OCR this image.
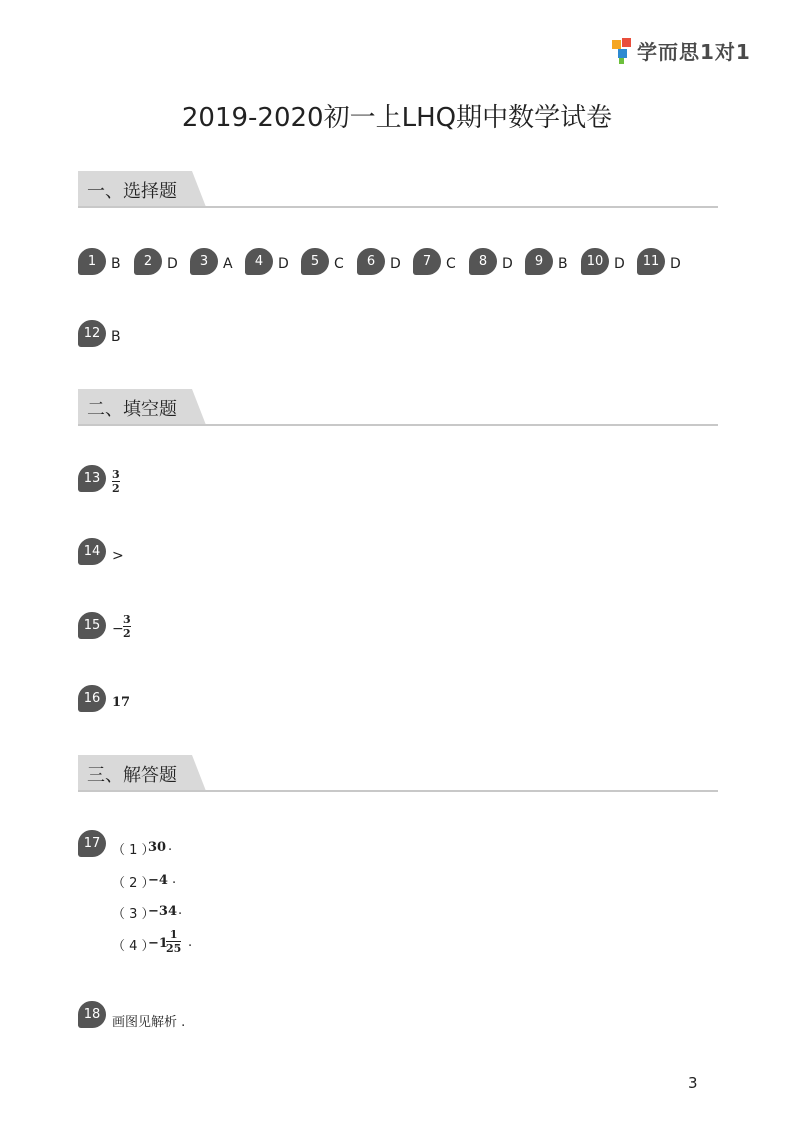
学而思1对1
2019-2020初一上LHQ期中数学试卷
一、选择题
1	B	2	D	3	A	4	D	5	C	6	D	7	C	8	D	9	B	10 D	11 D
12 B
二、填空题
13	3
2
14 >
15 −
3
2
16 17
三、解答题
17 （ 1 ）
30 .
（ 2 ）
−4 .
（ 3 ）
−34 .
（ 4 ）
−1
1
25 .
18
画图见解析 .
3
